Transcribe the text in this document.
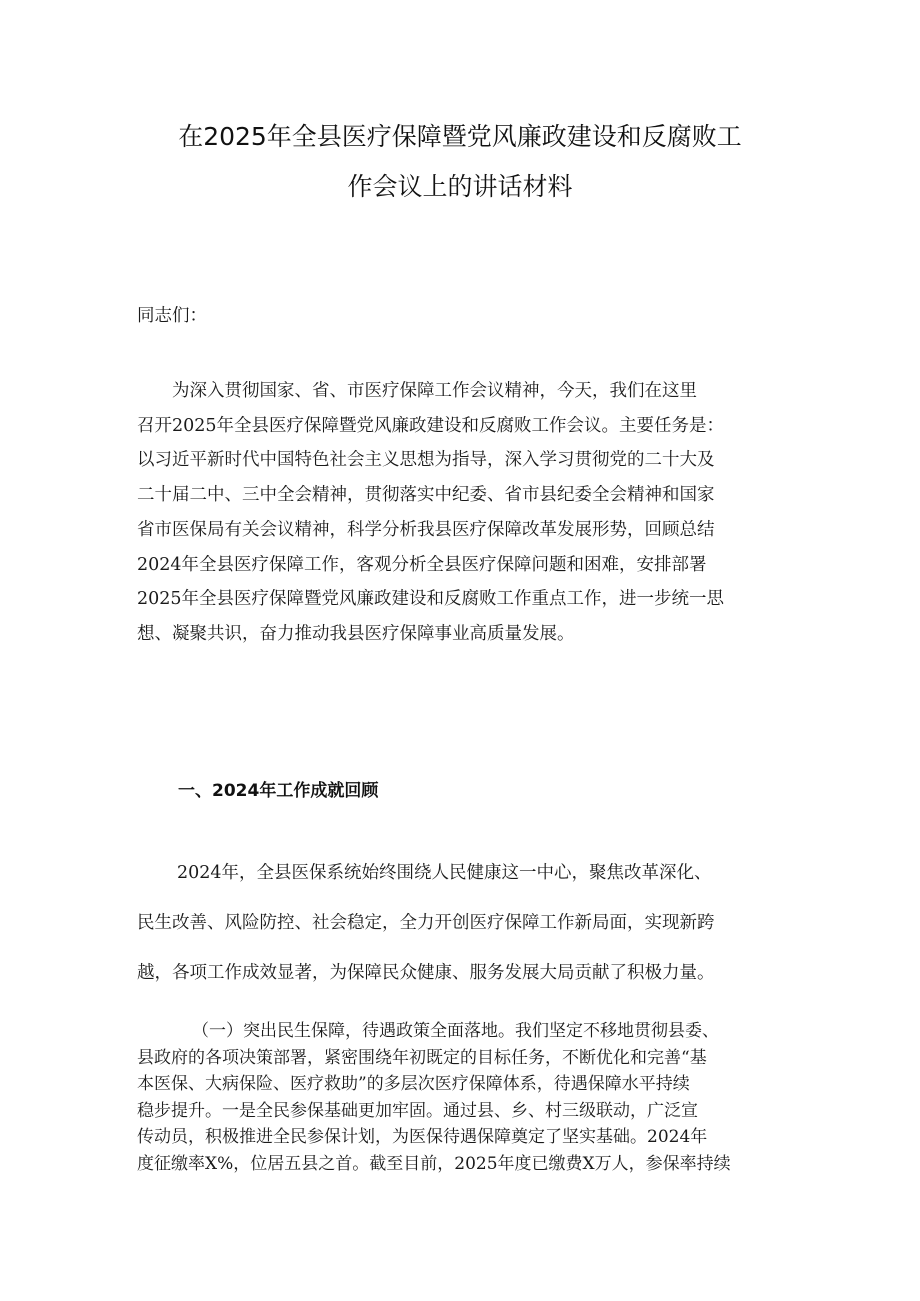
在2025年全县医疗保障暨党风廉政建设和反腐败工
作会议上的讲话材料
同志们：
为深入贯彻国家、省、市医疗保障工作会议精神，今天，我们在这里
召开2025年全县医疗保障暨党风廉政建设和反腐败工作会议。主要任务是：
以习近平新时代中国特色社会主义思想为指导，深入学习贯彻党的二十大及
二十届二中、三中全会精神，贯彻落实中纪委、省市县纪委全会精神和国家
省市医保局有关会议精神，科学分析我县医疗保障改革发展形势，回顾总结
2024年全县医疗保障工作，客观分析全县医疗保障问题和困难，安排部署
2025年全县医疗保障暨党风廉政建设和反腐败工作重点工作，进一步统一思
想、凝聚共识，奋力推动我县医疗保障事业高质量发展。
一、2024年工作成就回顾
2024年，全县医保系统始终围绕人民健康这一中心，聚焦改革深化、
民生改善、风险防控、社会稳定，全力开创医疗保障工作新局面，实现新跨
越，各项工作成效显著，为保障民众健康、服务发展大局贡献了积极力量。
（一）突出民生保障，待遇政策全面落地。我们坚定不移地贯彻县委、
县政府的各项决策部署，紧密围绕年初既定的目标任务，不断优化和完善“基
本医保、大病保险、医疗救助”的多层次医疗保障体系，待遇保障水平持续
稳步提升。一是全民参保基础更加牢固。通过县、乡、村三级联动，广泛宣
传动员，积极推进全民参保计划，为医保待遇保障奠定了坚实基础。2024年
度征缴率X%，位居五县之首。截至目前，2025年度已缴费X万人，参保率持续
